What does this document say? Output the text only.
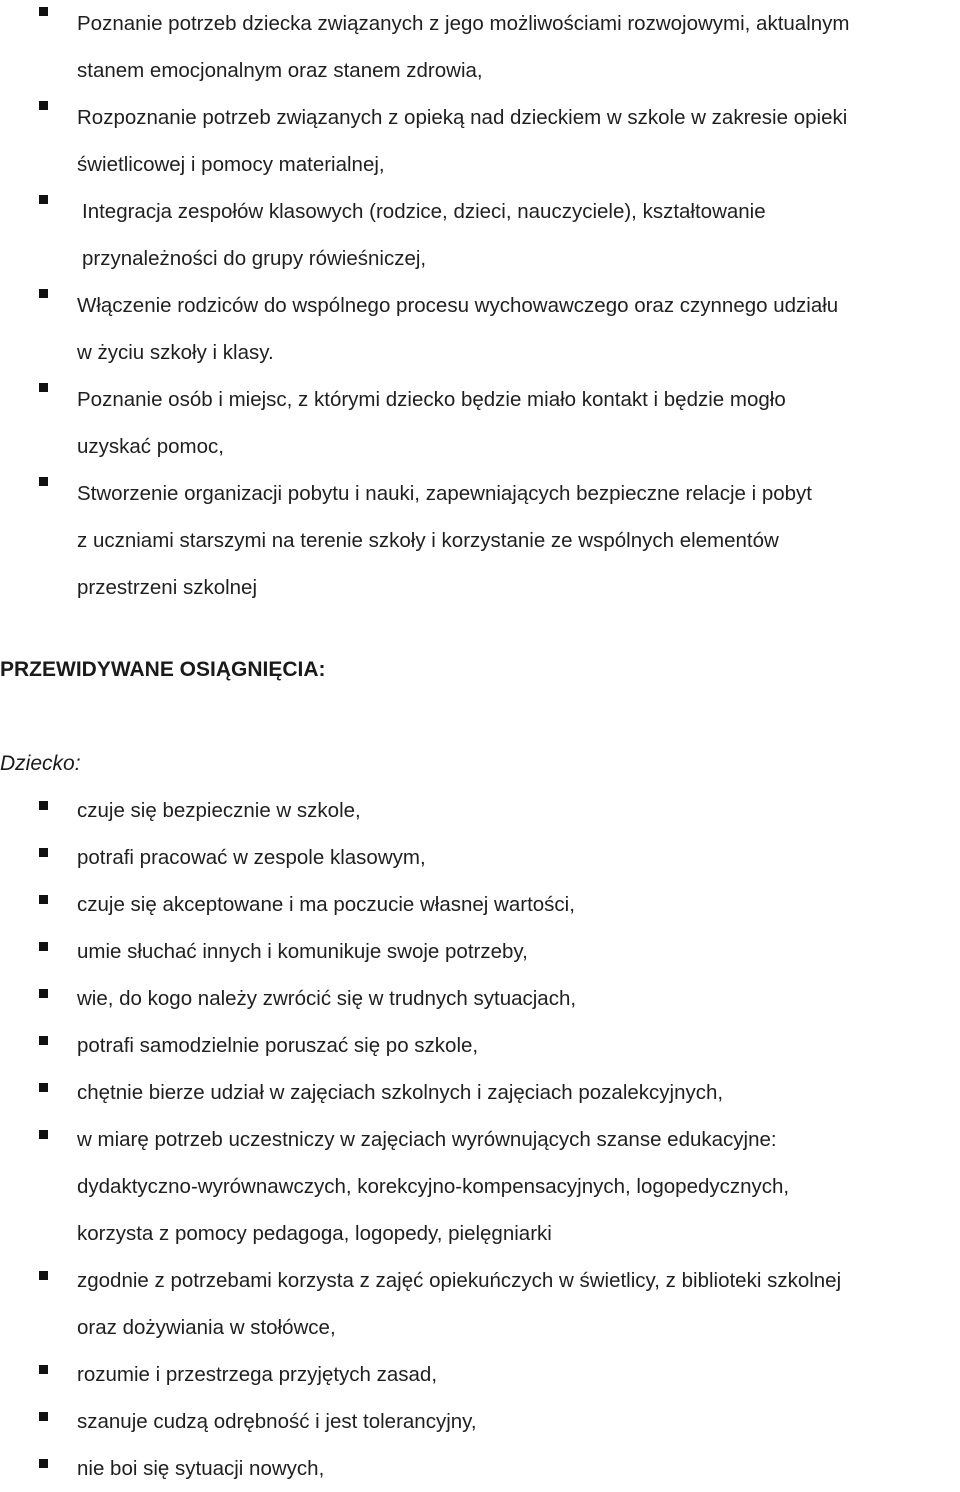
Poznanie potrzeb dziecka związanych z jego możliwościami rozwojowymi, aktualnym
stanem emocjonalnym oraz stanem zdrowia,
Rozpoznanie potrzeb związanych z opieką nad dzieckiem w szkole w zakresie opieki
świetlicowej i pomocy materialnej,
Integracja zespołów klasowych (rodzice, dzieci, nauczyciele), kształtowanie
przynależności do grupy rówieśniczej,
Włączenie rodziców do wspólnego procesu wychowawczego oraz czynnego udziału
w życiu szkoły i klasy.
Poznanie osób i miejsc, z którymi dziecko będzie miało kontakt i będzie mogło
uzyskać pomoc,
Stworzenie organizacji pobytu i nauki, zapewniających bezpieczne relacje i pobyt
z uczniami starszymi na terenie szkoły i korzystanie ze wspólnych elementów
przestrzeni szkolnej
PRZEWIDYWANE OSIĄGNIĘCIA:

Dziecko:

czuje się bezpiecznie w szkole,
potrafi pracować w zespole klasowym,
czuje się akceptowane i ma poczucie własnej wartości,
umie słuchać innych i komunikuje swoje potrzeby,
wie, do kogo należy zwrócić się w trudnych sytuacjach,
potrafi samodzielnie poruszać się po szkole,
chętnie bierze udział w zajęciach szkolnych i zajęciach pozalekcyjnych,
w miarę potrzeb uczestniczy w zajęciach wyrównujących szanse edukacyjne:
dydaktyczno-wyrównawczych, korekcyjno-kompensacyjnych, logopedycznych,
korzysta z pomocy pedagoga, logopedy, pielęgniarki
zgodnie z potrzebami korzysta z zajęć opiekuńczych w świetlicy, z biblioteki szkolnej
oraz dożywiania w stołówce,
rozumie i przestrzega przyjętych zasad,
szanuje cudzą odrębność i jest tolerancyjny,
nie boi się sytuacji nowych,
